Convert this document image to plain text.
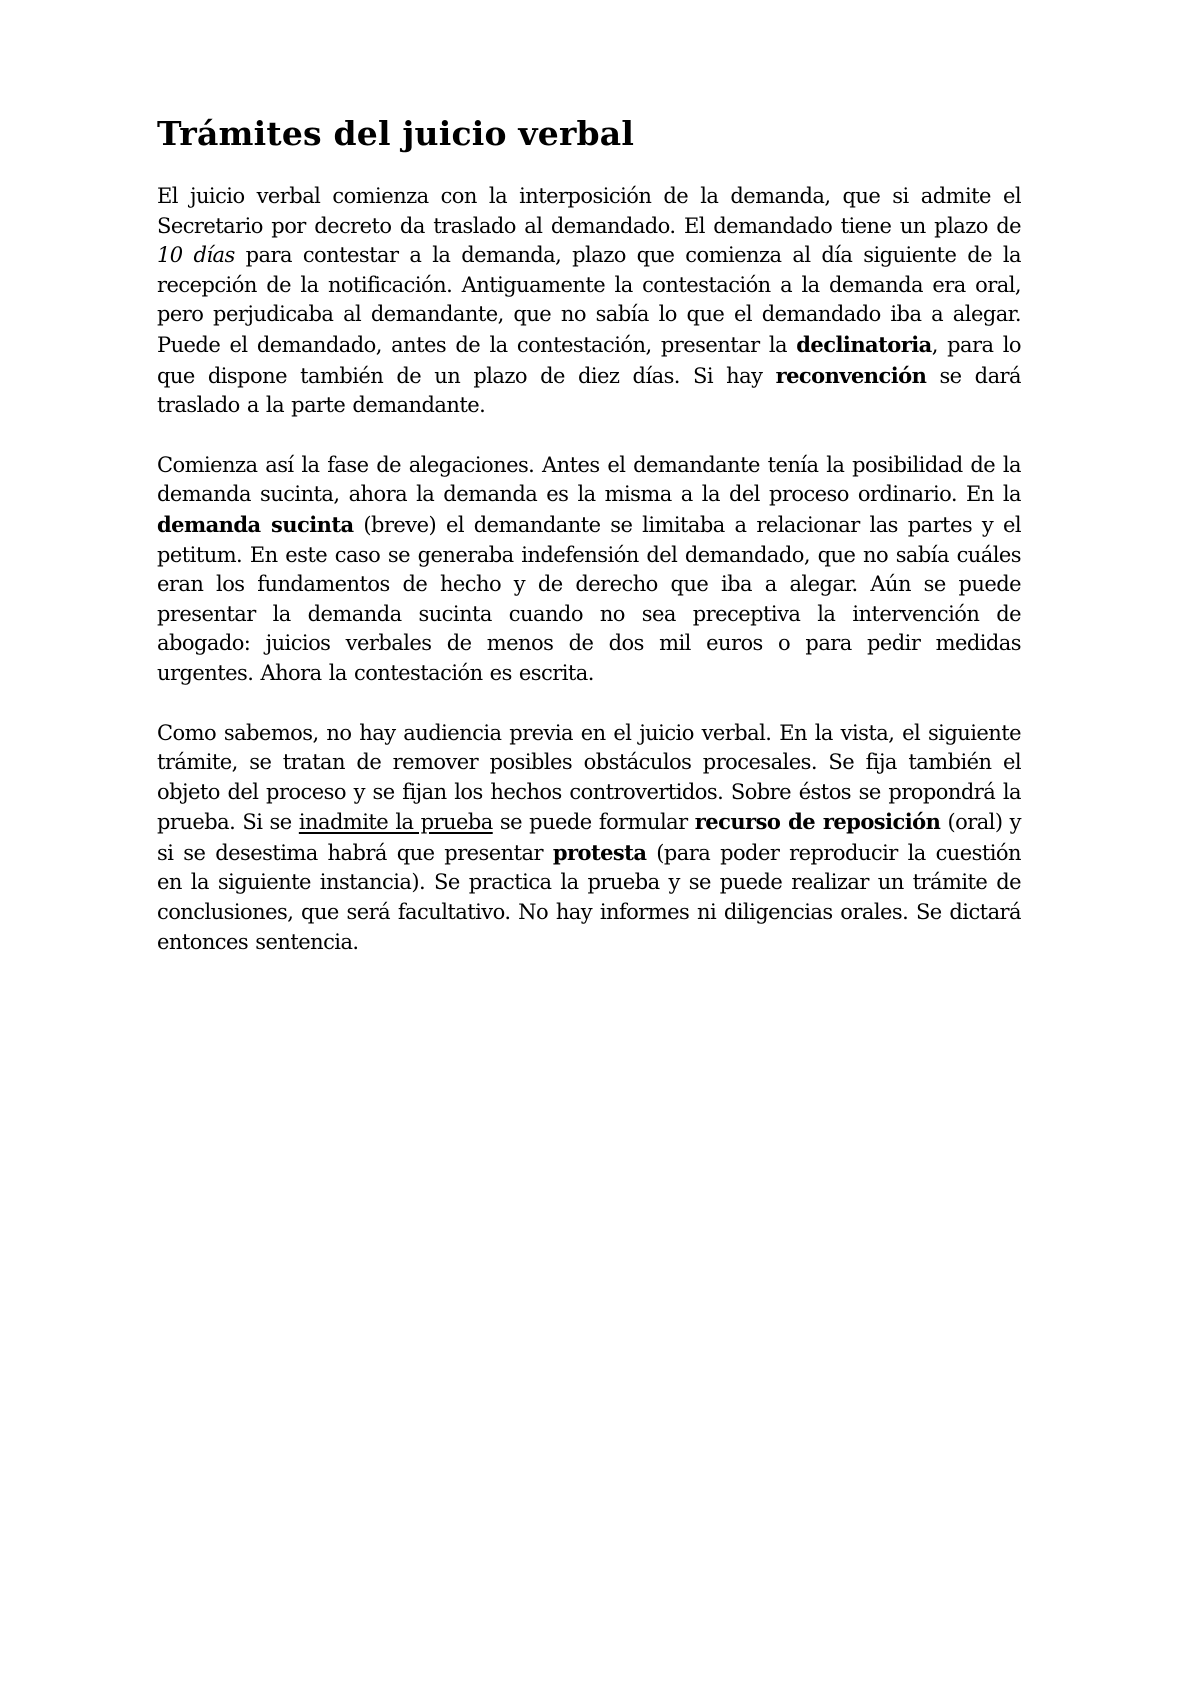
Trámites del juicio verbal

El juicio verbal comienza con la interposición de la demanda, que si admite el Secretario por decreto da traslado al demandado. El demandado tiene un plazo de 10 días para contestar a la demanda, plazo que comienza al día siguiente de la recepción de la notificación. Antiguamente la contestación a la demanda era oral, pero perjudicaba al demandante, que no sabía lo que el demandado iba a alegar. Puede el demandado, antes de la contestación, presentar la declinatoria, para lo que dispone también de un plazo de diez días. Si hay reconvención se dará traslado a la parte demandante.

Comienza así la fase de alegaciones. Antes el demandante tenía la posibilidad de la demanda sucinta, ahora la demanda es la misma a la del proceso ordinario. En la demanda sucinta (breve) el demandante se limitaba a relacionar las partes y el petitum. En este caso se generaba indefensión del demandado, que no sabía cuáles eran los fundamentos de hecho y de derecho que iba a alegar. Aún se puede presentar la demanda sucinta cuando no sea preceptiva la intervención de abogado: juicios verbales de menos de dos mil euros o para pedir medidas urgentes. Ahora la contestación es escrita.

Como sabemos, no hay audiencia previa en el juicio verbal. En la vista, el siguiente trámite, se tratan de remover posibles obstáculos procesales. Se fija también el objeto del proceso y se fijan los hechos controvertidos. Sobre éstos se propondrá la prueba. Si se inadmite la prueba se puede formular recurso de reposición (oral) y si se desestima habrá que presentar protesta (para poder reproducir la cuestión en la siguiente instancia). Se practica la prueba y se puede realizar un trámite de conclusiones, que será facultativo. No hay informes ni diligencias orales. Se dictará entonces sentencia.
